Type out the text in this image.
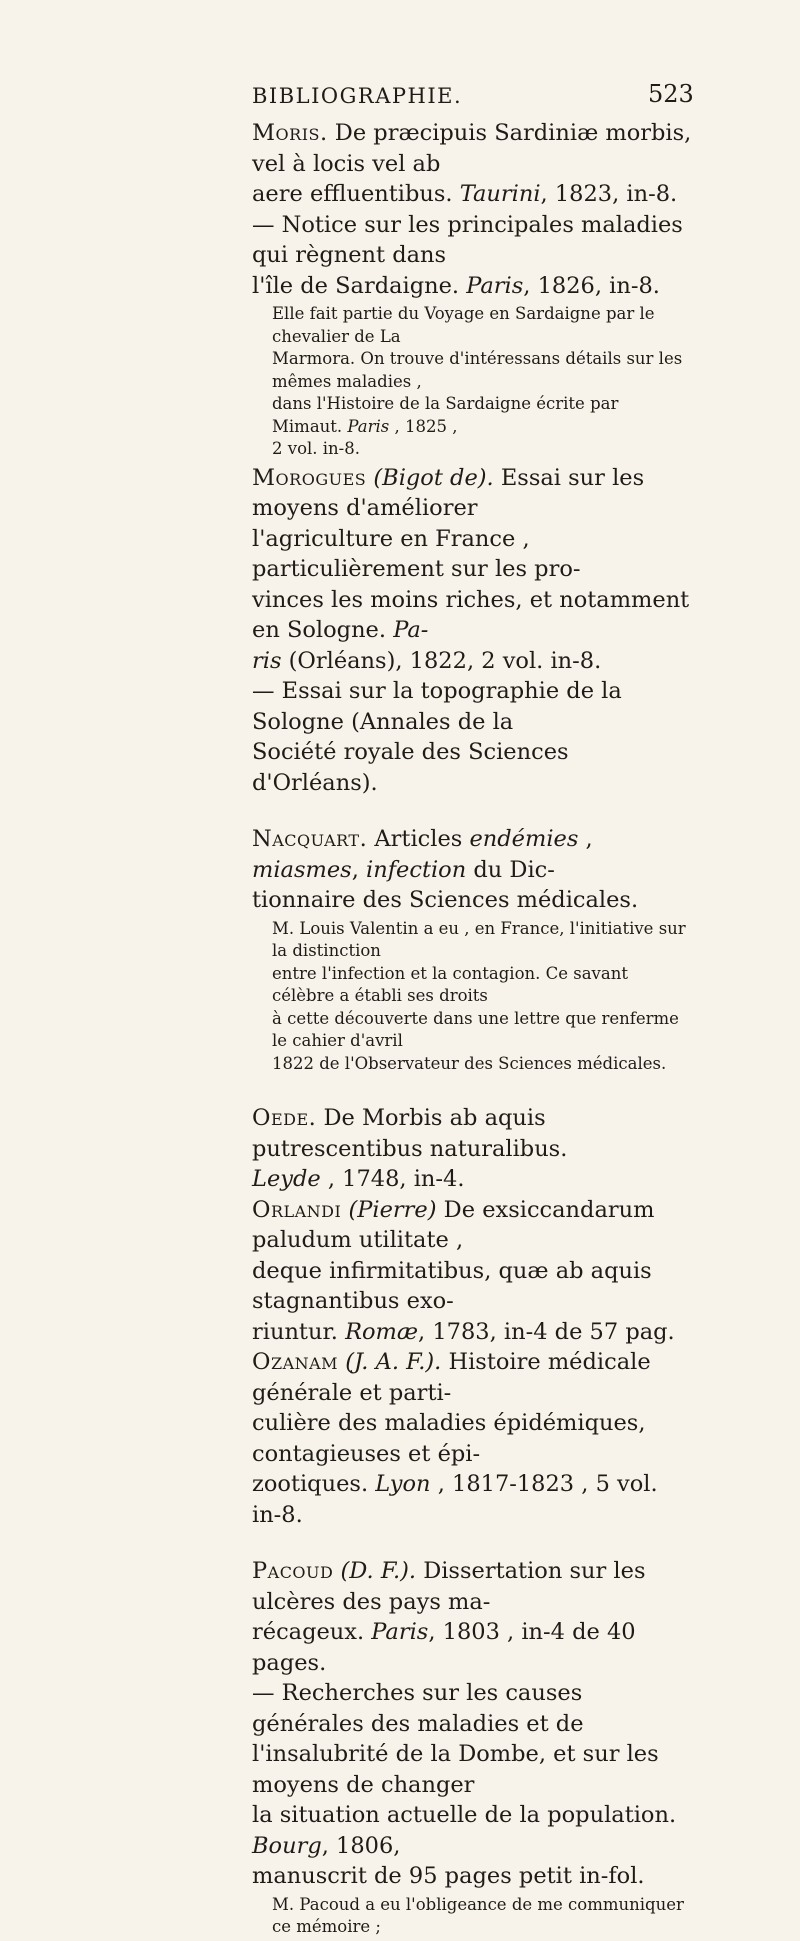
BIBLIOGRAPHIE.	523

Moris. De præcipuis Sardiniæ morbis, vel à locis vel ab

aere effluentibus. Taurini, 1823, in-8.

— Notice sur les principales maladies qui règnent dans

l'île de Sardaigne. Paris, 1826, in-8.

Elle fait partie du Voyage en Sardaigne par le chevalier de La
Marmora. On trouve d'intéressans détails sur les mêmes maladies ,
dans l'Histoire de la Sardaigne écrite par Mimaut. Paris , 1825 ,
2 vol. in-8.

Morogues (Bigot de). Essai sur les moyens d'améliorer

l'agriculture en France , particulièrement sur les pro-

vinces les moins riches, et notamment en Sologne. Pa-

ris (Orléans), 1822, 2 vol. in-8.

— Essai sur la topographie de la Sologne (Annales de la

Société royale des Sciences d'Orléans).

Nacquart. Articles endémies , miasmes, infection du Dic-

tionnaire des Sciences médicales.

M. Louis Valentin a eu , en France, l'initiative sur la distinction
entre l'infection et la contagion. Ce savant célèbre a établi ses droits
à cette découverte dans une lettre que renferme le cahier d'avril
1822 de l'Observateur des Sciences médicales.

Oede. De Morbis ab aquis putrescentibus naturalibus.

Leyde , 1748, in-4.

Orlandi (Pierre) De exsiccandarum paludum utilitate ,

deque infirmitatibus, quæ ab aquis stagnantibus exo-

riuntur. Romæ, 1783, in-4 de 57 pag.

Ozanam (J. A. F.). Histoire médicale générale et parti-

culière des maladies épidémiques, contagieuses et épi-

zootiques. Lyon , 1817-1823 , 5 vol. in-8.

Pacoud (D. F.). Dissertation sur les ulcères des pays ma-

récageux. Paris, 1803 , in-4 de 40 pages.

— Recherches sur les causes générales des maladies et de

l'insalubrité de la Dombe, et sur les moyens de changer

la situation actuelle de la population. Bourg, 1806,

manuscrit de 95 pages petit in-fol.

M. Pacoud a eu l'obligeance de me communiquer ce mémoire ;
